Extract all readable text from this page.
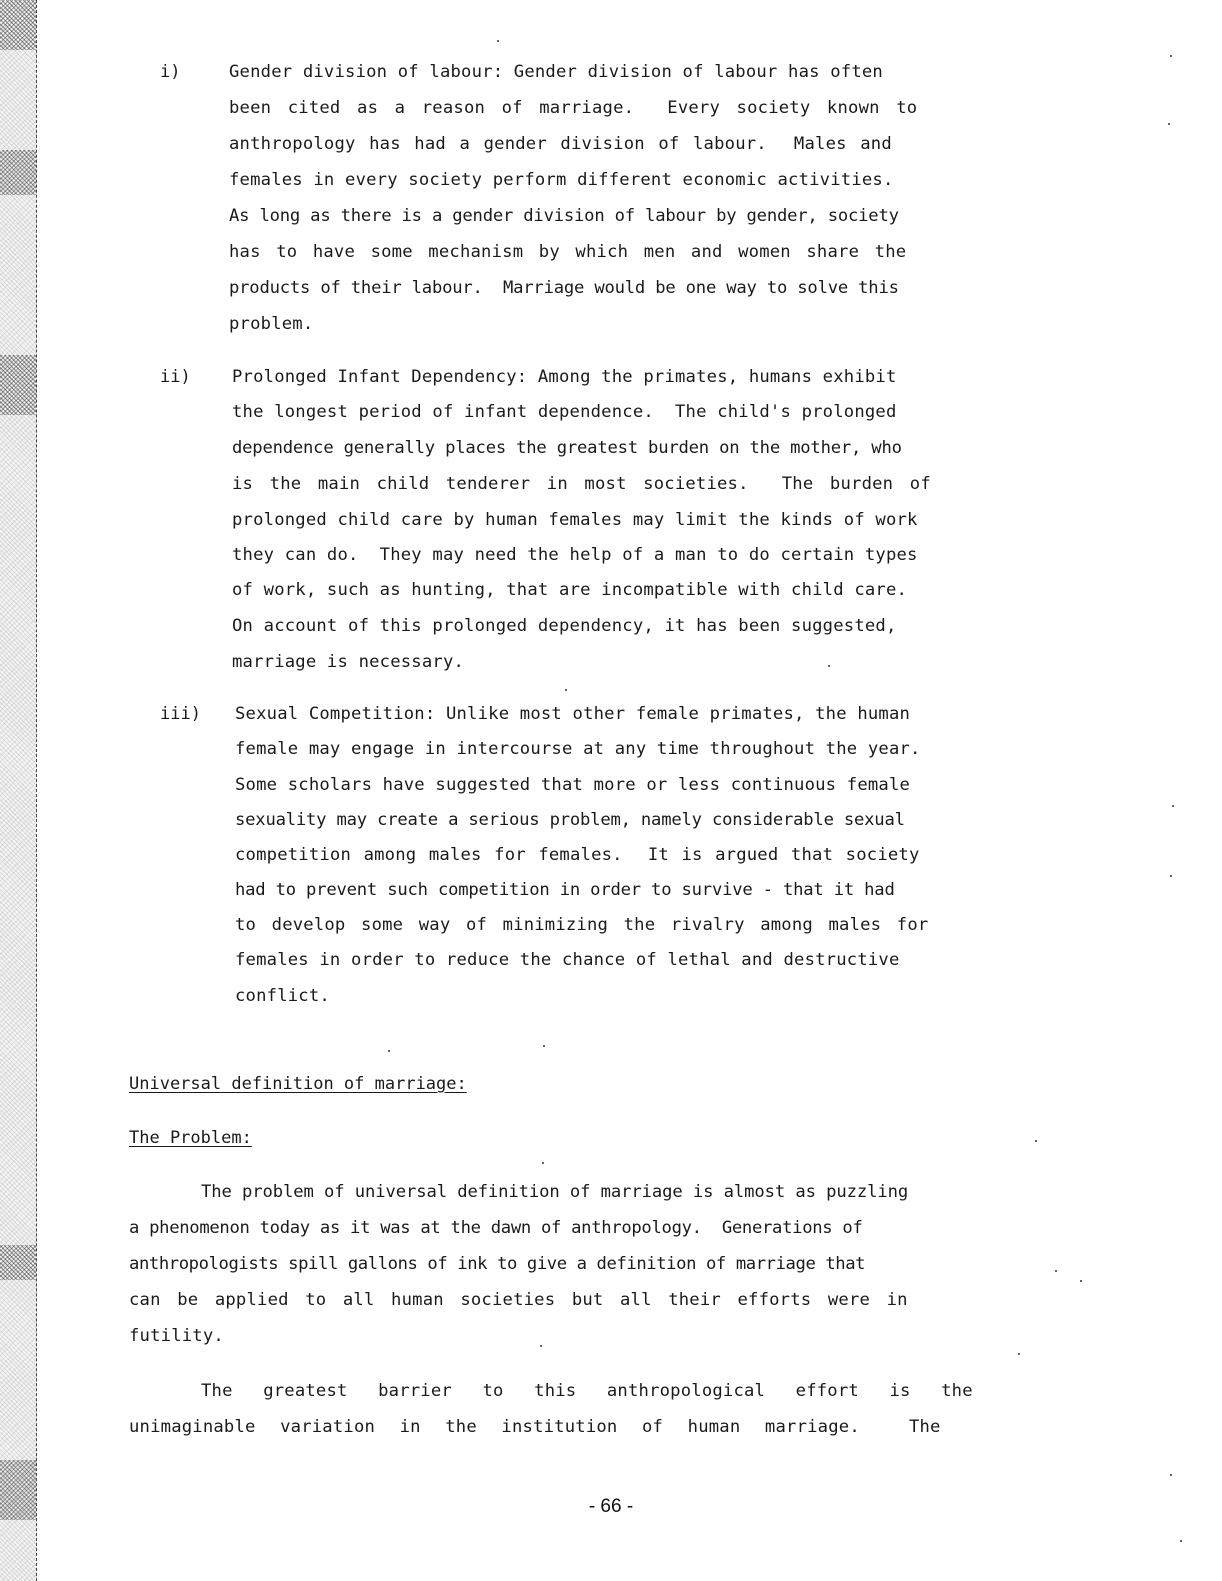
i)	Gender division of labour: Gender division of labour has often
been cited as a reason of marriage.  Every society known to
anthropology has had a gender division of labour.  Males and
females in every society perform different economic activities.
As long as there is a gender division of labour by gender, society
has to have some mechanism by which men and women share the
products of their labour.  Marriage would be one way to solve this
problem.
ii) Prolonged Infant Dependency: Among the primates, humans exhibit
the longest period of infant dependence.  The child's prolonged
dependence generally places the greatest burden on the mother, who
is the main child tenderer in most societies.  The burden of
prolonged child care by human females may limit the kinds of work
they can do.  They may need the help of a man to do certain types
of work, such as hunting, that are incompatible with child care.
On account of this prolonged dependency, it has been suggested,
marriage is necessary.
iii) Sexual Competition: Unlike most other female primates, the human
female may engage in intercourse at any time throughout the year.
Some scholars have suggested that more or less continuous female
sexuality may create a serious problem, namely considerable sexual
competition among males for females.  It is argued that society
had to prevent such competition in order to survive - that it had
to develop some way of minimizing the rivalry among males for
females in order to reduce the chance of lethal and destructive
conflict.
Universal definition of marriage:
The Problem:
The problem of universal definition of marriage is almost as puzzling
a phenomenon today as it was at the dawn of anthropology.  Generations of
anthropologists spill gallons of ink to give a definition of marriage that
can be applied to all human societies but all their efforts were in
futility.
The greatest barrier to this anthropological effort is the
unimaginable variation in the institution of human marriage.  The
- 66 -
